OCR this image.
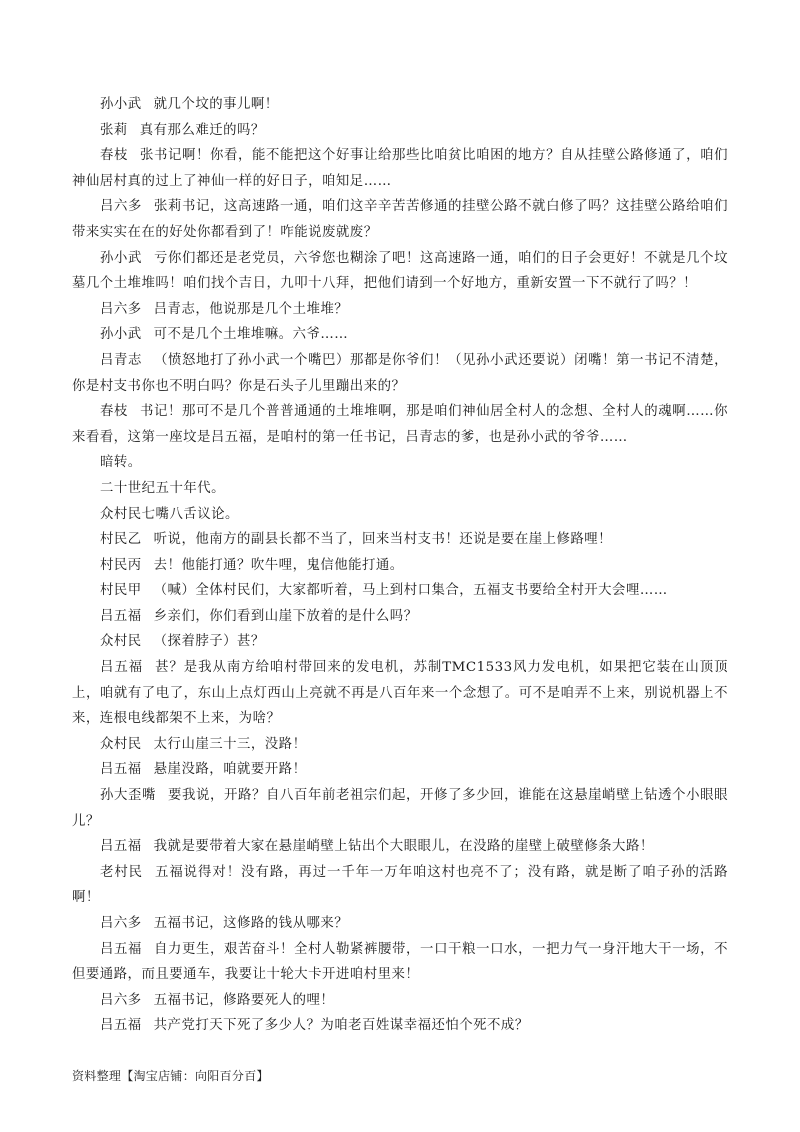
孙小武 就几个坟的事儿啊！

张莉 真有那么难迁的吗？

春枝 张书记啊！你看，能不能把这个好事让给那些比咱贫比咱困的地方？自从挂壁公路修通了，咱们神仙居村真的过上了神仙一样的好日子，咱知足……

吕六多 张莉书记，这高速路一通，咱们这辛辛苦苦修通的挂壁公路不就白修了吗？这挂壁公路给咱们带来实实在在的好处你都看到了！咋能说废就废？

孙小武 亏你们都还是老党员，六爷您也糊涂了吧！这高速路一通，咱们的日子会更好！不就是几个坟墓几个土堆堆吗！咱们找个吉日，九叩十八拜，把他们请到一个好地方，重新安置一下不就行了吗？！

吕六多 吕青志，他说那是几个土堆堆？

孙小武 可不是几个土堆堆嘛。六爷……

吕青志 （愤怒地打了孙小武一个嘴巴）那都是你爷们！（见孙小武还要说）闭嘴！第一书记不清楚，你是村支书你也不明白吗？你是石头子儿里蹦出来的？

春枝 书记！那可不是几个普普通通的土堆堆啊，那是咱们神仙居全村人的念想、全村人的魂啊……你来看看，这第一座坟是吕五福，是咱村的第一任书记，吕青志的爹，也是孙小武的爷爷……

暗转。

二十世纪五十年代。

众村民七嘴八舌议论。

村民乙 听说，他南方的副县长都不当了，回来当村支书！还说是要在崖上修路哩！

村民丙 去！他能打通？吹牛哩，鬼信他能打通。

村民甲 （喊）全体村民们，大家都听着，马上到村口集合，五福支书要给全村开大会哩……

吕五福 乡亲们，你们看到山崖下放着的是什么吗？

众村民 （探着脖子）甚？

吕五福 甚？是我从南方给咱村带回来的发电机，苏制TMC1533风力发电机，如果把它装在山顶顶上，咱就有了电了，东山上点灯西山上亮就不再是八百年来一个念想了。可不是咱弄不上来，别说机器上不来，连根电线都架不上来，为啥？

众村民 太行山崖三十三，没路！

吕五福 悬崖没路，咱就要开路！

孙大歪嘴 要我说，开路？自八百年前老祖宗们起，开修了多少回，谁能在这悬崖峭壁上钻透个小眼眼儿？

吕五福 我就是要带着大家在悬崖峭壁上钻出个大眼眼儿，在没路的崖壁上破壁修条大路！

老村民 五福说得对！没有路，再过一千年一万年咱这村也亮不了；没有路，就是断了咱子孙的活路啊！

吕六多 五福书记，这修路的钱从哪来？

吕五福 自力更生，艰苦奋斗！全村人勒紧裤腰带，一口干粮一口水，一把力气一身汗地大干一场，不但要通路，而且要通车，我要让十轮大卡开进咱村里来！

吕六多 五福书记，修路要死人的哩！

吕五福 共产党打天下死了多少人？为咱老百姓谋幸福还怕个死不成？

资料整理【淘宝店铺：向阳百分百】
